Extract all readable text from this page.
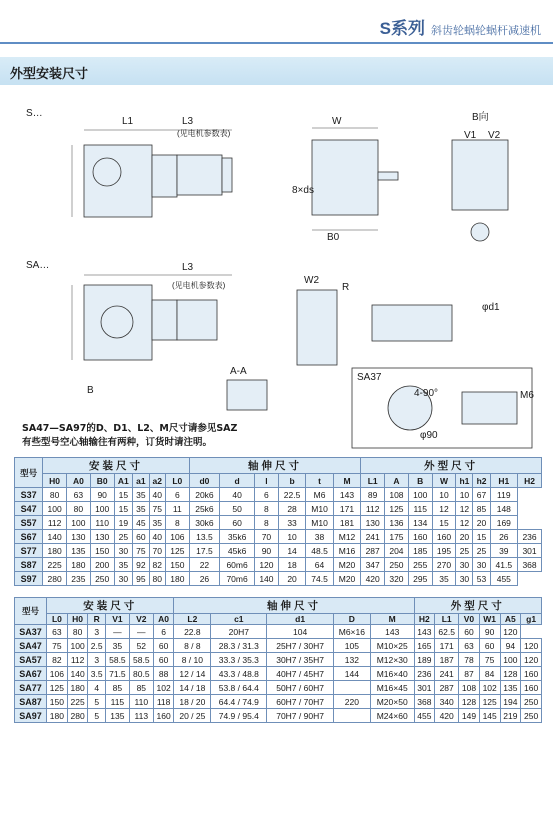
S系列 斜齿轮蜗轮蜗杆减速机
外型安装尺寸
S…
L1	L3
(见电机参数表)
W	B向
V1 V2
8×ds
B0
SA…	L3
(见电机参数表)	W2
R
B
A-A
SA37
4-90°
φ90
M6
φd1
SA47—SA97的D、D1、L2、M尺寸请参见SAZ
有些型号空心轴输往有两种，订货时请注明。
型号	安装尺寸							轴伸尺寸						外型尺寸							
	H0	A0	B0	A1	a1	a2	L0	d0	d	l	b	t	M	L1	A	B	W	h1	h2	H1	H2
S37	80	63	90	15	35	40	6	20k6	40	6	22.5	M6	143	89	108	100	10	10	67	119	
S47	100	80	100	15	35	75	11	25k6	50	8	28	M10	171	112	125	115	12	12	85	148	
S57	112	100	110	19	45	35	8	30k6	60	8	33	M10	181	130	136	134	15	12	20	169	
S67	140	130	130	25	60	40	106	13.5	35k6	70	10	38	M12	241	175	160	160	20	15	26	236
S77	180	135	150	30	75	70	125	17.5	45k6	90	14	48.5	M16	287	204	185	195	25	25	39	301
S87	225	180	200	35	92	82	150	22	60m6	120	18	64	M20	347	250	255	270	30	30	41.5	368
S97	280	235	250	30	95	80	180	26	70m6	140	20	74.5	M20	420	320	295	35	30	53	455	
型号	安装尺寸						轴伸尺寸					外型尺寸					
	L0	H0	R	V1	V2	A0	L2	c1	d1	D	M	H2	L1	V0	W1	A5	g1
SA37	63	80	3	—	—	6	22.8	20H7	104	M6×16	143	143	62.5	60	90	120	
SA47	75	100	2.5	35	52	60	8 / 8	28.3 / 31.3	25H7 / 30H7	105	M10×25	165	171	63	60	94	120
SA57	82	112	3	58.5	58.5	60	8 / 10	33.3 / 35.3	30H7 / 35H7	132	M12×30	189	187	78	75	100	120
SA67	106	140	3.5	71.5	80.5	88	12 / 14	43.3 / 48.8	40H7 / 45H7	144	M16×40	236	241	87	84	128	160
SA77	125	180	4	85	85	102	14 / 18	53.8 / 64.4	50H7 / 60H7		M16×45	301	287	108	102	135	160
SA87	150	225	5	115	110	118	18 / 20	64.4 / 74.9	60H7 / 70H7	220	M20×50	368	340	128	125	194	250
SA97	180	280	5	135	113	160	20 / 25	74.9 / 95.4	70H7 / 90H7		M24×60	455	420	149	145	219	250
